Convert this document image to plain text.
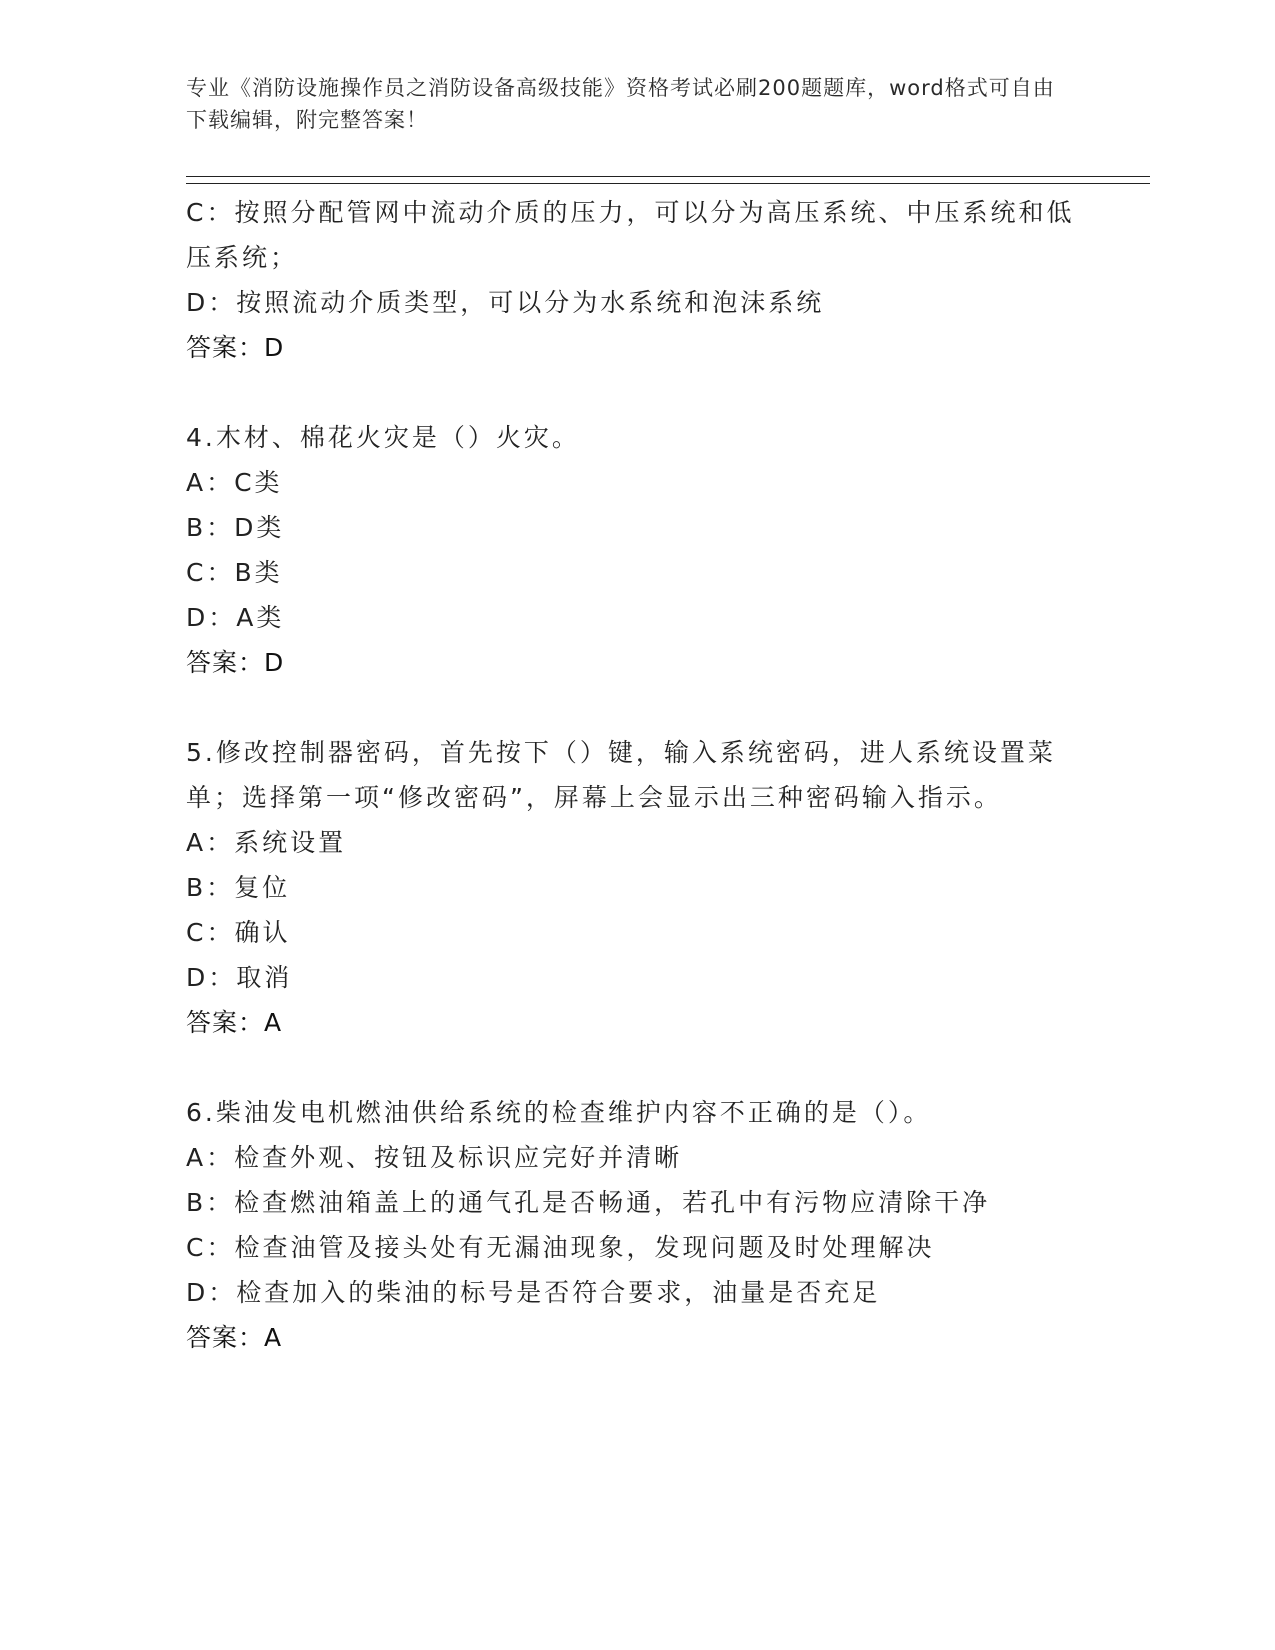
专业《消防设施操作员之消防设备高级技能》资格考试必刷200题题库，word格式可自由下载编辑，附完整答案！
C：按照分配管网中流动介质的压力，可以分为高压系统、中压系统和低压系统；
D：按照流动介质类型，可以分为水系统和泡沫系统
答案：D
4.木材、棉花火灾是（）火灾。
A：C类
B：D类
C：B类
D：A类
答案：D
5.修改控制器密码，首先按下（）键，输入系统密码，进人系统设置菜单；选择第一项“修改密码”，屏幕上会显示出三种密码输入指示。
A：系统设置
B：复位
C：确认
D：取消
答案：A
6.柴油发电机燃油供给系统的检查维护内容不正确的是（）。
A：检查外观、按钮及标识应完好并清晰
B：检查燃油箱盖上的通气孔是否畅通，若孔中有污物应清除干净
C：检查油管及接头处有无漏油现象，发现问题及时处理解决
D：检查加入的柴油的标号是否符合要求，油量是否充足
答案：A
